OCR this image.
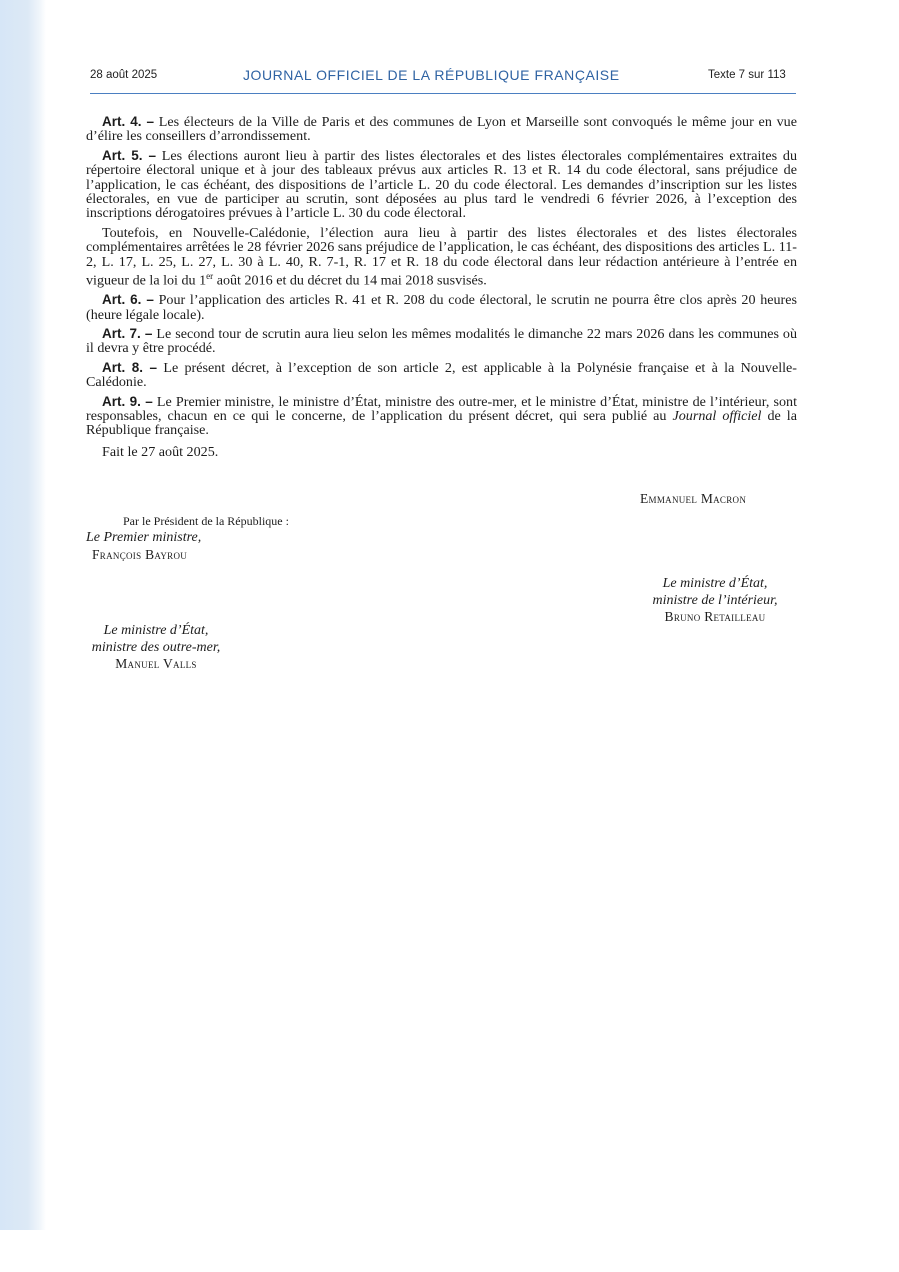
28 août 2025	JOURNAL OFFICIEL DE LA RÉPUBLIQUE FRANÇAISE	Texte 7 sur 113

Art. 4. – Les électeurs de la Ville de Paris et des communes de Lyon et Marseille sont convoqués le même jour en vue d’élire les conseillers d’arrondissement.

Art. 5. – Les élections auront lieu à partir des listes électorales et des listes électorales complémentaires extraites du répertoire électoral unique et à jour des tableaux prévus aux articles R. 13 et R. 14 du code électoral, sans préjudice de l’application, le cas échéant, des dispositions de l’article L. 20 du code électoral. Les demandes d’inscription sur les listes électorales, en vue de participer au scrutin, sont déposées au plus tard le vendredi 6 février 2026, à l’exception des inscriptions dérogatoires prévues à l’article L. 30 du code électoral.

Toutefois, en Nouvelle-Calédonie, l’élection aura lieu à partir des listes électorales et des listes électorales complémentaires arrêtées le 28 février 2026 sans préjudice de l’application, le cas échéant, des dispositions des articles L. 11-2, L. 17, L. 25, L. 27, L. 30 à L. 40, R. 7-1, R. 17 et R. 18 du code électoral dans leur rédaction antérieure à l’entrée en vigueur de la loi du 1er août 2016 et du décret du 14 mai 2018 susvisés.

Art. 6. – Pour l’application des articles R. 41 et R. 208 du code électoral, le scrutin ne pourra être clos après 20 heures (heure légale locale).

Art. 7. – Le second tour de scrutin aura lieu selon les mêmes modalités le dimanche 22 mars 2026 dans les communes où il devra y être procédé.

Art. 8. – Le présent décret, à l’exception de son article 2, est applicable à la Polynésie française et à la Nouvelle-Calédonie.

Art. 9. – Le Premier ministre, le ministre d’État, ministre des outre-mer, et le ministre d’État, ministre de l’intérieur, sont responsables, chacun en ce qui le concerne, de l’application du présent décret, qui sera publié au Journal officiel de la République française.

Fait le 27 août 2025.

Emmanuel Macron
Par le Président de la République :
Le Premier ministre,
François Bayrou
Le ministre d’État,
ministre de l’intérieur,
Bruno Retailleau
Le ministre d’État,
ministre des outre-mer,
Manuel Valls
